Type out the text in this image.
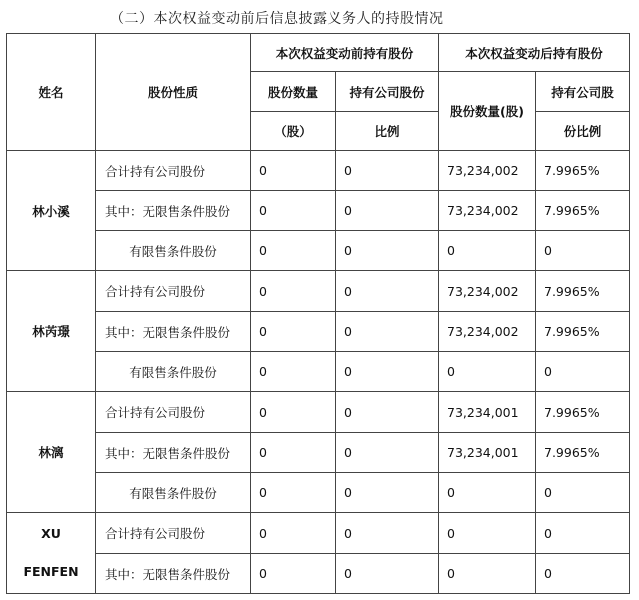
（二）本次权益变动前后信息披露义务人的持股情况
姓名	股份性质	本次权益变动前持有股份		本次权益变动后持有股份	

		股份数量	持有公司股份	股份数量(股)	持有公司股

		（股）	比例		份比例
林小溪	合计持有公司股份	0	0	73,234,002	7.9965%
	其中：无限售条件股份	0	0	73,234,002	7.9965%
	有限售条件股份	0	0	0	0
林芮璟	合计持有公司股份	0	0	73,234,002	7.9965%
	其中：无限售条件股份	0	0	73,234,002	7.9965%
	有限售条件股份	0	0	0	0
林漓	合计持有公司股份	0	0	73,234,001	7.9965%
	其中：无限售条件股份	0	0	73,234,001	7.9965%
	有限售条件股份	0	0	0	0

XU
FENFEN	合计持有公司股份	0	0	0	0
	其中：无限售条件股份	0	0	0	0
